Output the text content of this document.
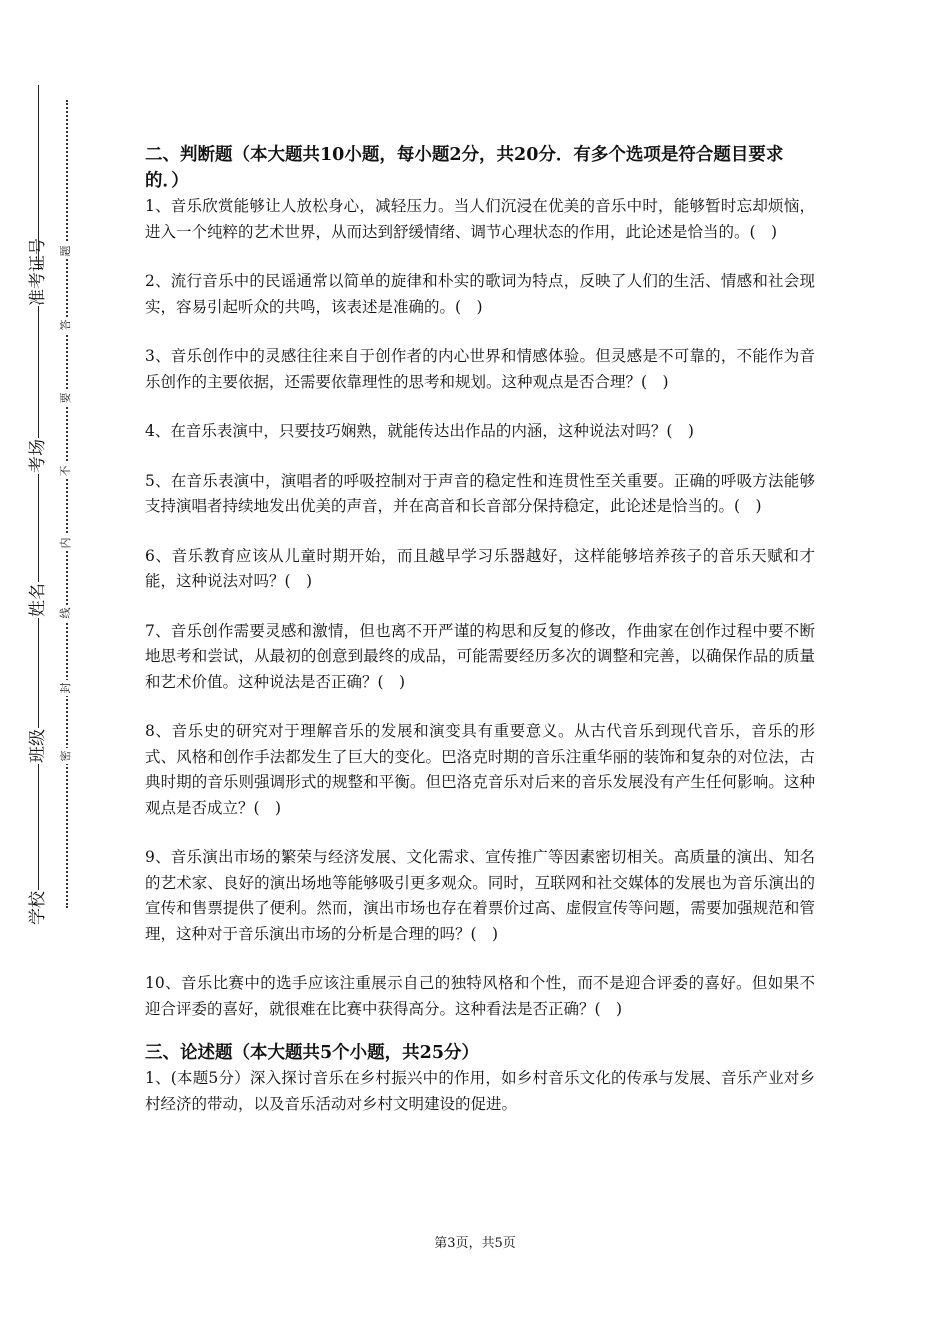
准考证号
考场
姓名
班级
学校
题
答
要
不
内
线
封
密

二、判断题（本大题共10小题，每小题2分，共20分．有多个选项是符合题目要求的．）

1、音乐欣赏能够让人放松身心，减轻压力。当人们沉浸在优美的音乐中时，能够暂时忘却烦恼，进入一个纯粹的艺术世界，从而达到舒缓情绪、调节心理状态的作用，此论述是恰当的。(　)

2、流行音乐中的民谣通常以简单的旋律和朴实的歌词为特点，反映了人们的生活、情感和社会现实，容易引起听众的共鸣，该表述是准确的。(　)

3、音乐创作中的灵感往往来自于创作者的内心世界和情感体验。但灵感是不可靠的，不能作为音乐创作的主要依据，还需要依靠理性的思考和规划。这种观点是否合理？(　)

4、在音乐表演中，只要技巧娴熟，就能传达出作品的内涵，这种说法对吗？(　)

5、在音乐表演中，演唱者的呼吸控制对于声音的稳定性和连贯性至关重要。正确的呼吸方法能够支持演唱者持续地发出优美的声音，并在高音和长音部分保持稳定，此论述是恰当的。(　)

6、音乐教育应该从儿童时期开始，而且越早学习乐器越好，这样能够培养孩子的音乐天赋和才能，这种说法对吗？(　)

7、音乐创作需要灵感和激情，但也离不开严谨的构思和反复的修改，作曲家在创作过程中要不断地思考和尝试，从最初的创意到最终的成品，可能需要经历多次的调整和完善，以确保作品的质量和艺术价值。这种说法是否正确？(　)

8、音乐史的研究对于理解音乐的发展和演变具有重要意义。从古代音乐到现代音乐，音乐的形式、风格和创作手法都发生了巨大的变化。巴洛克时期的音乐注重华丽的装饰和复杂的对位法，古典时期的音乐则强调形式的规整和平衡。但巴洛克音乐对后来的音乐发展没有产生任何影响。这种观点是否成立？(　)

9、音乐演出市场的繁荣与经济发展、文化需求、宣传推广等因素密切相关。高质量的演出、知名的艺术家、良好的演出场地等能够吸引更多观众。同时，互联网和社交媒体的发展也为音乐演出的宣传和售票提供了便利。然而，演出市场也存在着票价过高、虚假宣传等问题，需要加强规范和管理，这种对于音乐演出市场的分析是合理的吗？(　)

10、音乐比赛中的选手应该注重展示自己的独特风格和个性，而不是迎合评委的喜好。但如果不迎合评委的喜好，就很难在比赛中获得高分。这种看法是否正确？(　)

三、论述题（本大题共5个小题，共25分）

1、(本题5分）深入探讨音乐在乡村振兴中的作用，如乡村音乐文化的传承与发展、音乐产业对乡村经济的带动，以及音乐活动对乡村文明建设的促进。

第3页，共5页
